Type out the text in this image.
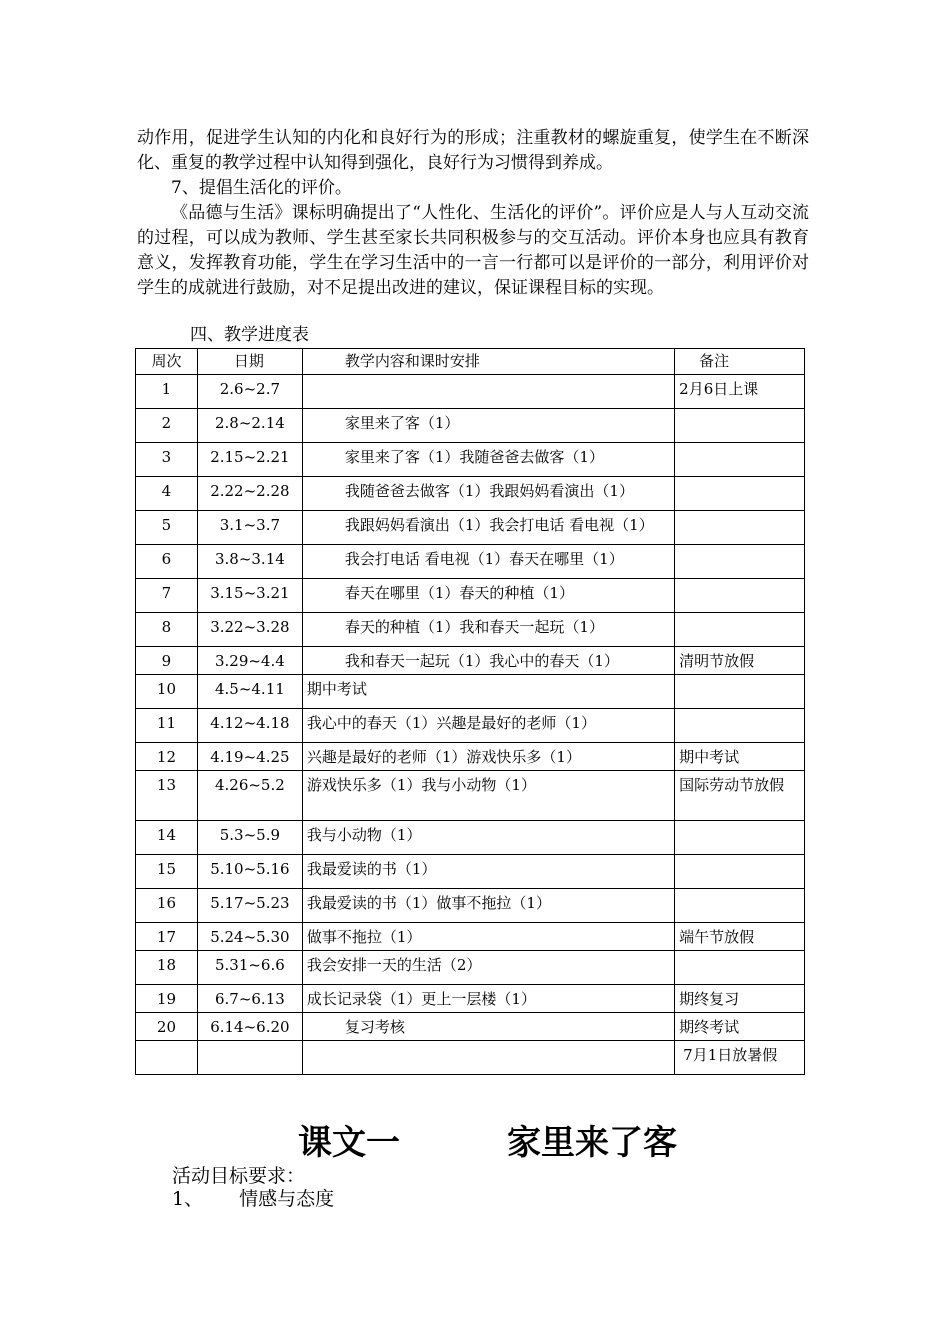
动作用，促进学生认知的内化和良好行为的形成；注重教材的螺旋重复，使学生在不断深化、重复的教学过程中认知得到强化，良好行为习惯得到养成。

7、提倡生活化的评价。

《品德与生活》课标明确提出了“人性化、生活化的评价”。评价应是人与人互动交流的过程，可以成为教师、学生甚至家长共同积极参与的交互活动。评价本身也应具有教育意义，发挥教育功能，学生在学习生活中的一言一行都可以是评价的一部分，利用评价对学生的成就进行鼓励，对不足提出改进的建议，保证课程目标的实现。

四、教学进度表

周次	日期	教学内容和课时安排	备注
1	2.6~2.7		2月6日上课
2	2.8~2.14	家里来了客（1）	
3	2.15~2.21	家里来了客（1）我随爸爸去做客（1）	
4	2.22~2.28	我随爸爸去做客（1）我跟妈妈看演出（1）	
5	3.1~3.7	我跟妈妈看演出（1）我会打电话 看电视（1）	
6	3.8~3.14	我会打电话 看电视（1）春天在哪里（1）	
7	3.15~3.21	春天在哪里（1）春天的种植（1）	
8	3.22~3.28	春天的种植（1）我和春天一起玩（1）	
9	3.29~4.4	我和春天一起玩（1）我心中的春天（1）	清明节放假
10	4.5~4.11	期中考试	
11	4.12~4.18	我心中的春天（1）兴趣是最好的老师（1）	
12	4.19~4.25	兴趣是最好的老师（1）游戏快乐多（1）	期中考试
13	4.26~5.2	游戏快乐多（1）我与小动物（1）	国际劳动节放假
14	5.3~5.9	我与小动物（1）	
15	5.10~5.16	我最爱读的书（1）	
16	5.17~5.23	我最爱读的书（1）做事不拖拉（1）	
17	5.24~5.30	做事不拖拉（1）	端午节放假
18	5.31~6.6	我会安排一天的生活（2）	
19	6.7~6.13	成长记录袋（1）更上一层楼（1）	期终复习
20	6.14~6.20	复习考核	期终考试
			7月1日放暑假
课文一	家里来了客

活动目标要求：

1、 情感与态度
